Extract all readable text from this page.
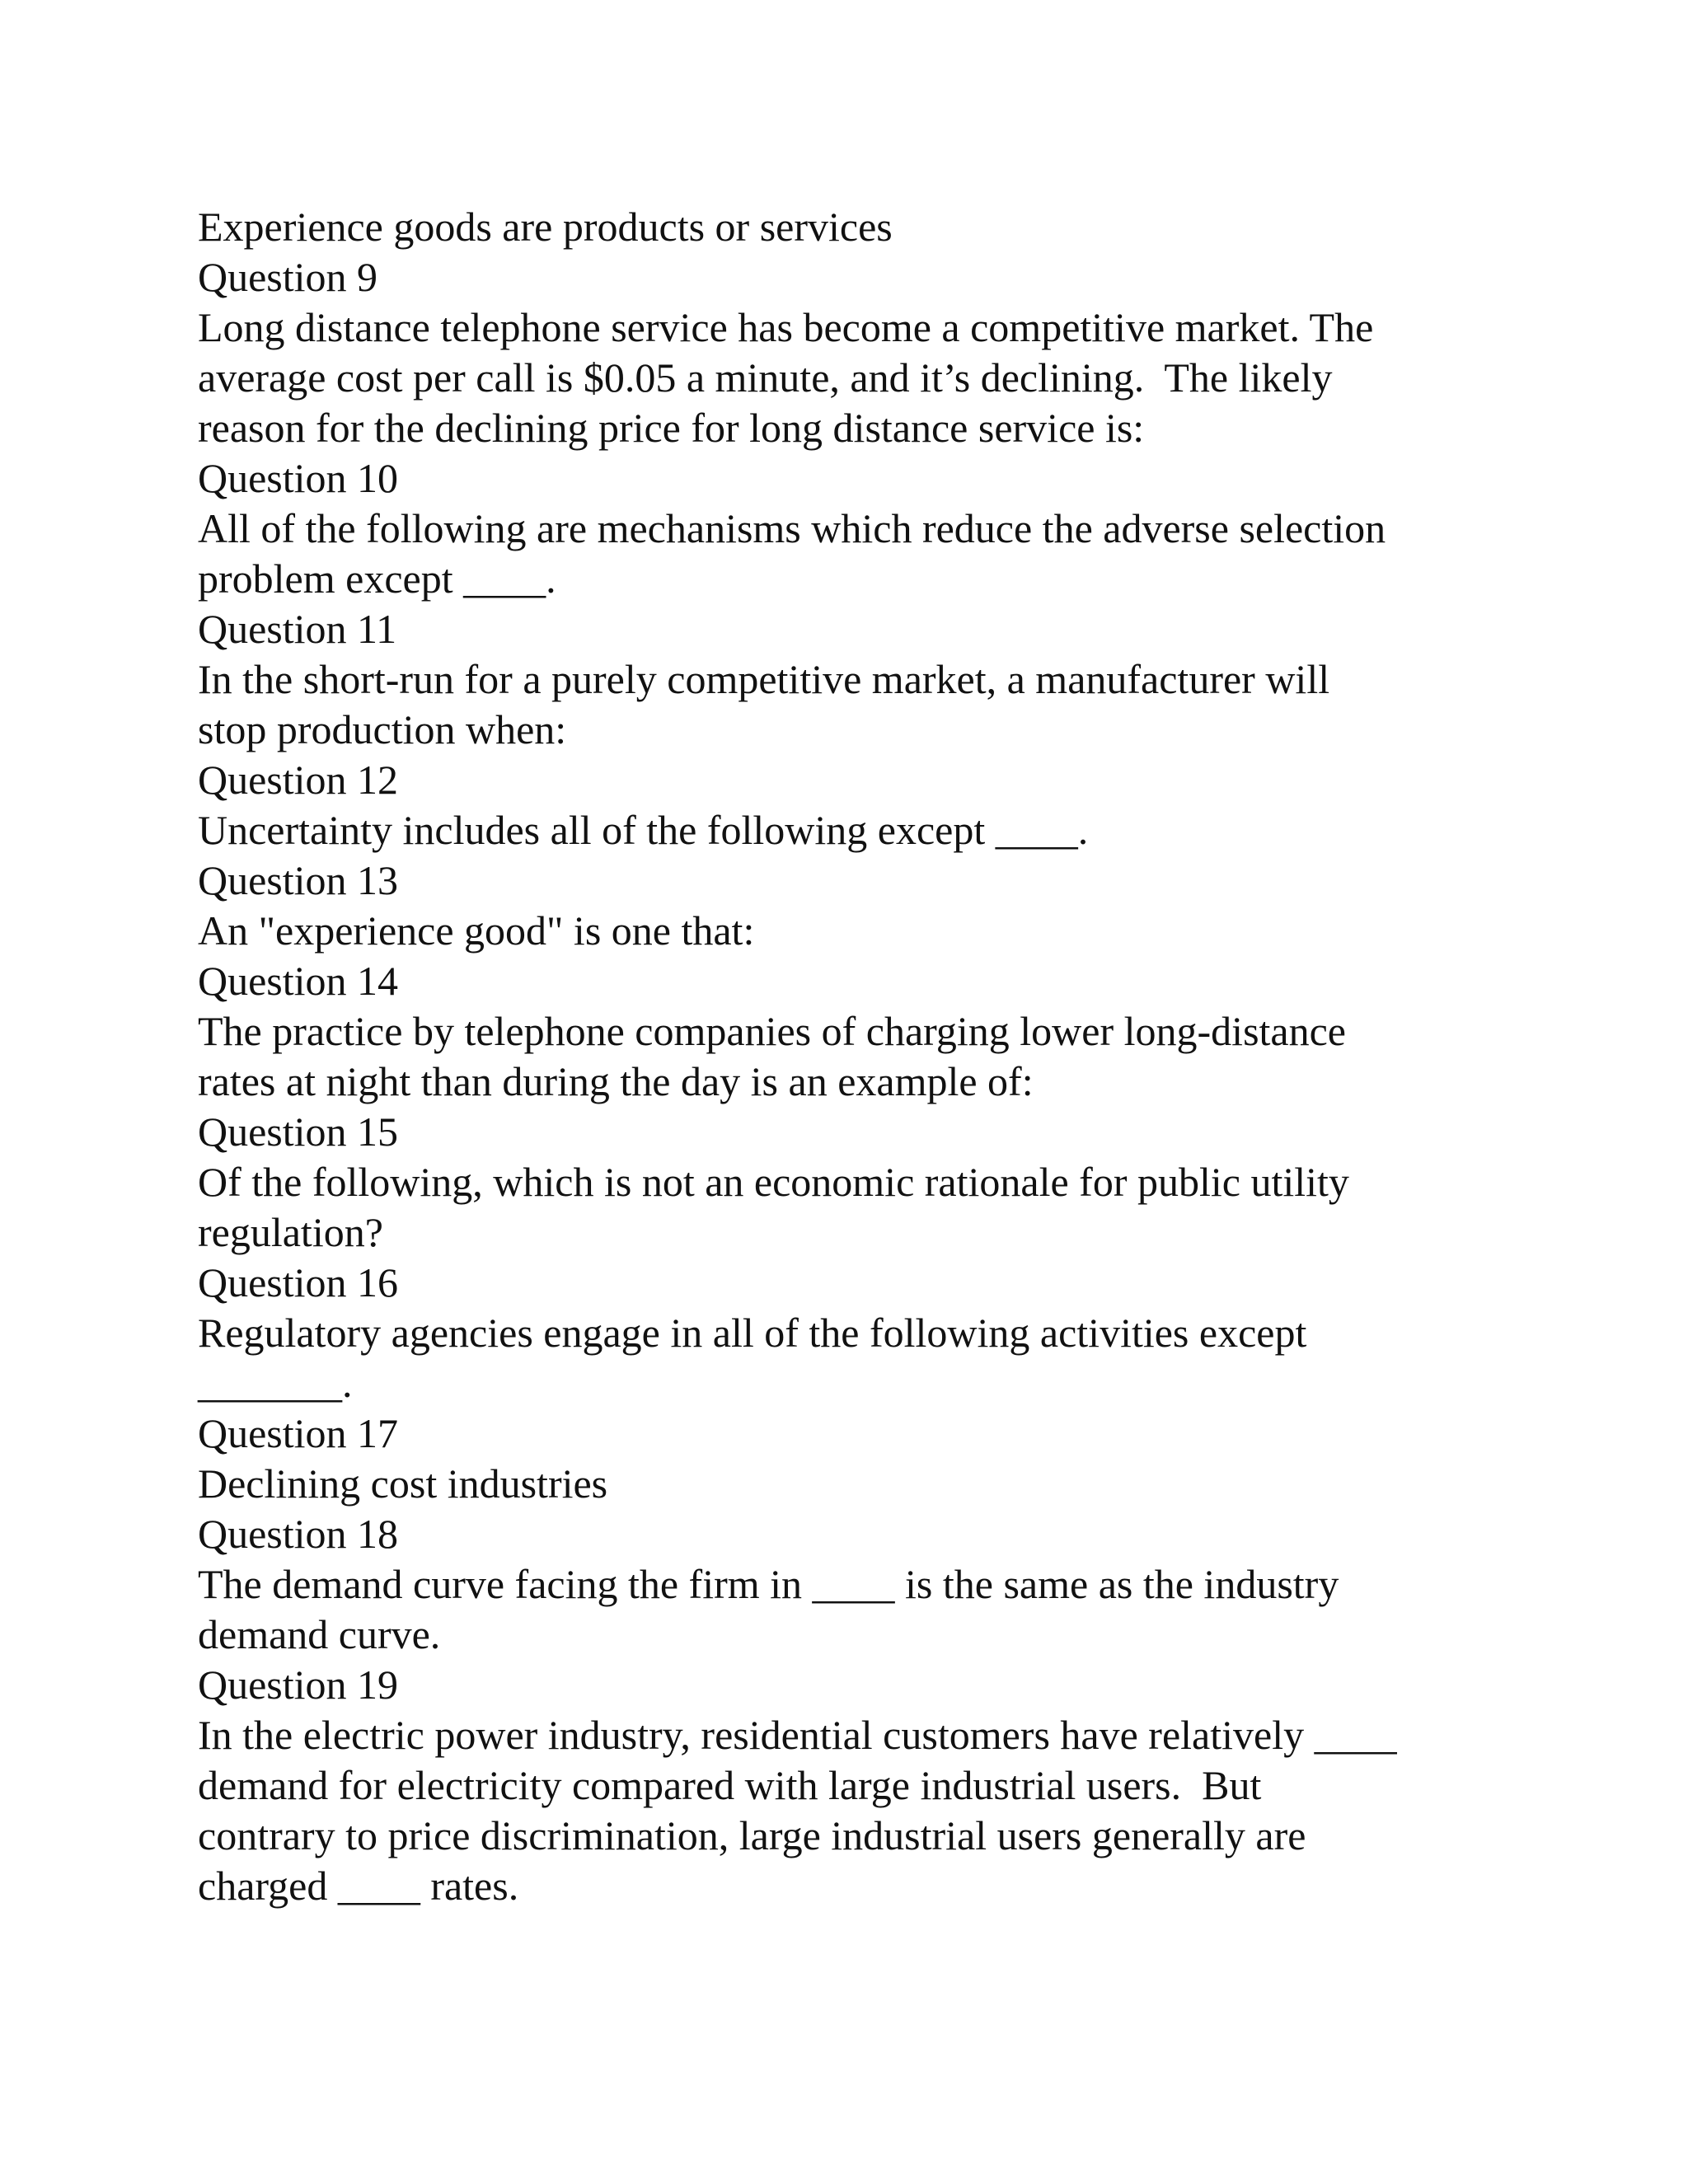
Experience goods are products or services

Question 9

Long distance telephone service has become a competitive market. The

average cost per call is $0.05 a minute, and it’s declining.  The likely

reason for the declining price for long distance service is:

Question 10

All of the following are mechanisms which reduce the adverse selection

problem except ____.

Question 11

In the short-run for a purely competitive market, a manufacturer will

stop production when:

Question 12

Uncertainty includes all of the following except ____.

Question 13

An "experience good" is one that:

Question 14

The practice by telephone companies of charging lower long-distance

rates at night than during the day is an example of:

Question 15

Of the following, which is not an economic rationale for public utility

regulation?

Question 16

Regulatory agencies engage in all of the following activities except

_______.

Question 17

Declining cost industries

Question 18

The demand curve facing the firm in ____ is the same as the industry

demand curve.

Question 19

In the electric power industry, residential customers have relatively ____

demand for electricity compared with large industrial users.  But

contrary to price discrimination, large industrial users generally are

charged ____ rates.
